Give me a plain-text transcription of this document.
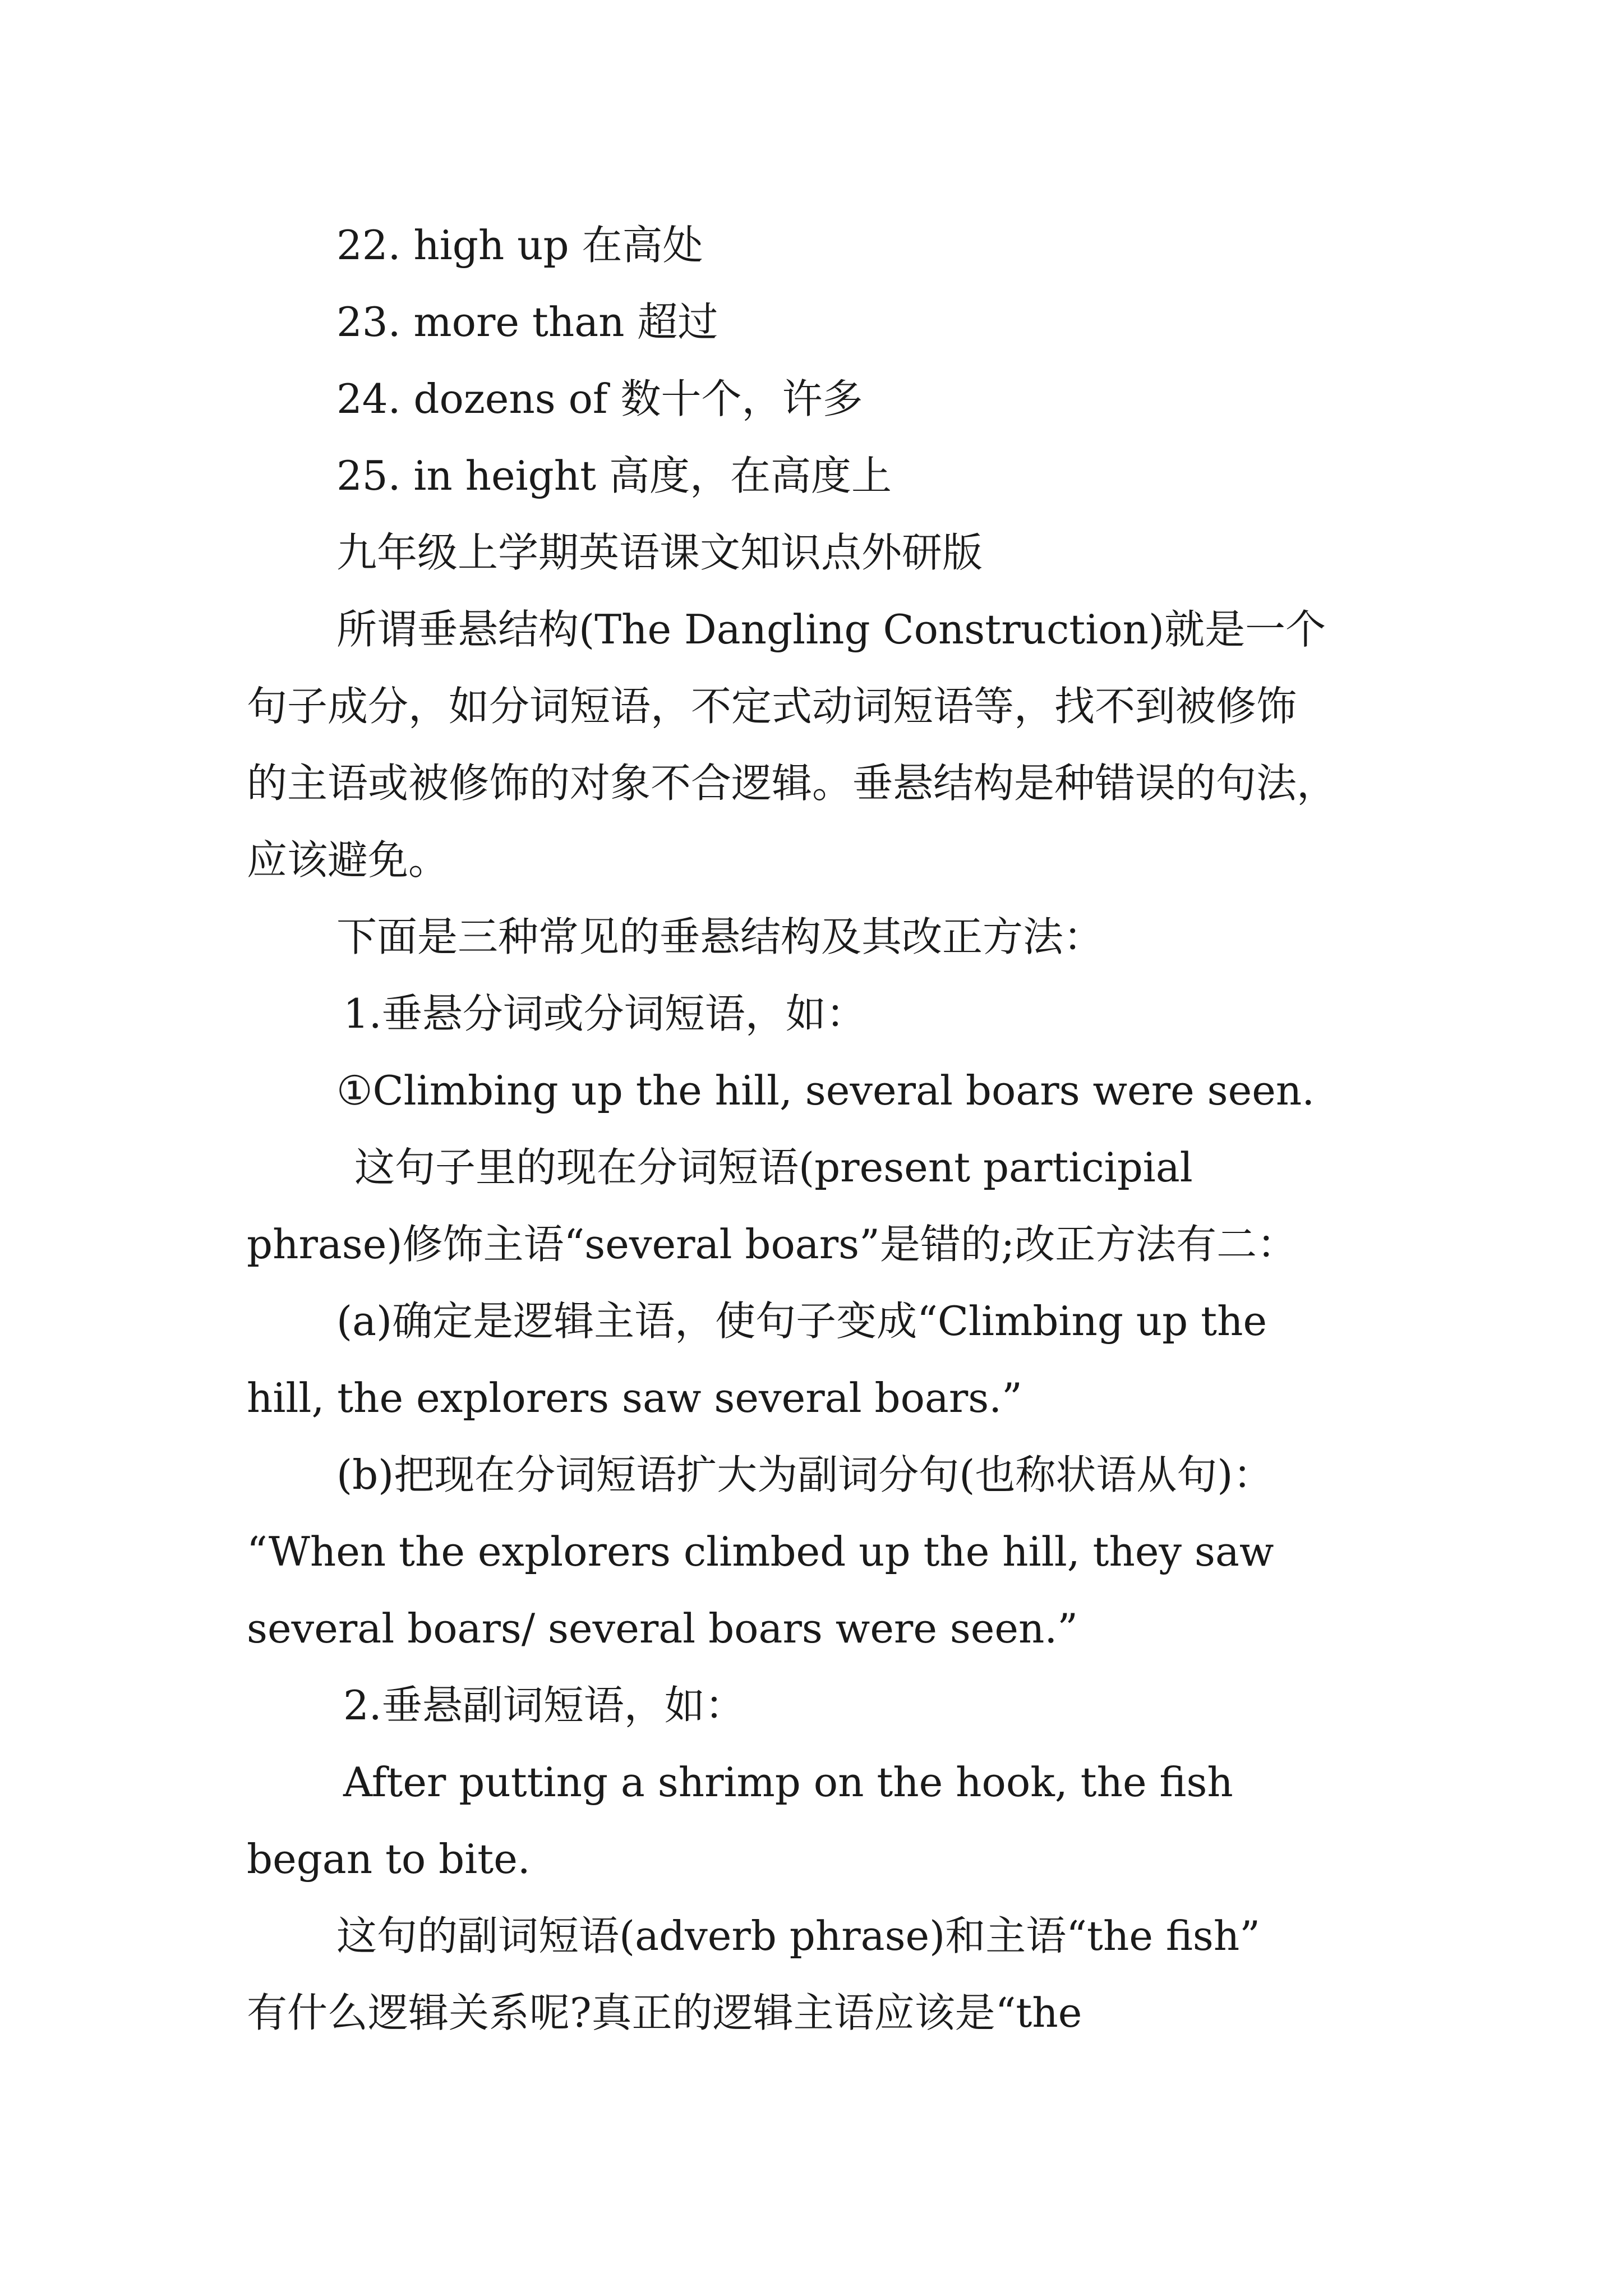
22. high up 在高处
23. more than 超过
24. dozens of 数十个，许多
25. in height 高度，在高度上
九年级上学期英语课文知识点外研版
所谓垂悬结构(The Dangling Construction)就是一个
句子成分，如分词短语，不定式动词短语等，找不到被修饰
的主语或被修饰的对象不合逻辑。垂悬结构是种错误的句法，
应该避免。
下面是三种常见的垂悬结构及其改正方法：
1.垂悬分词或分词短语，如：
①Climbing up the hill, several boars were seen.
这句子里的现在分词短语(present participial
phrase)修饰主语“several boars”是错的;改正方法有二：
(a)确定是逻辑主语，使句子变成“Climbing up the
hill, the explorers saw several boars.”
(b)把现在分词短语扩大为副词分句(也称状语从句)：
“When the explorers climbed up the hill, they saw
several boars/ several boars were seen.”
2.垂悬副词短语，如：
After putting a shrimp on the hook, the fish
began to bite.
这句的副词短语(adverb phrase)和主语“the fish”
有什么逻辑关系呢?真正的逻辑主语应该是“the
